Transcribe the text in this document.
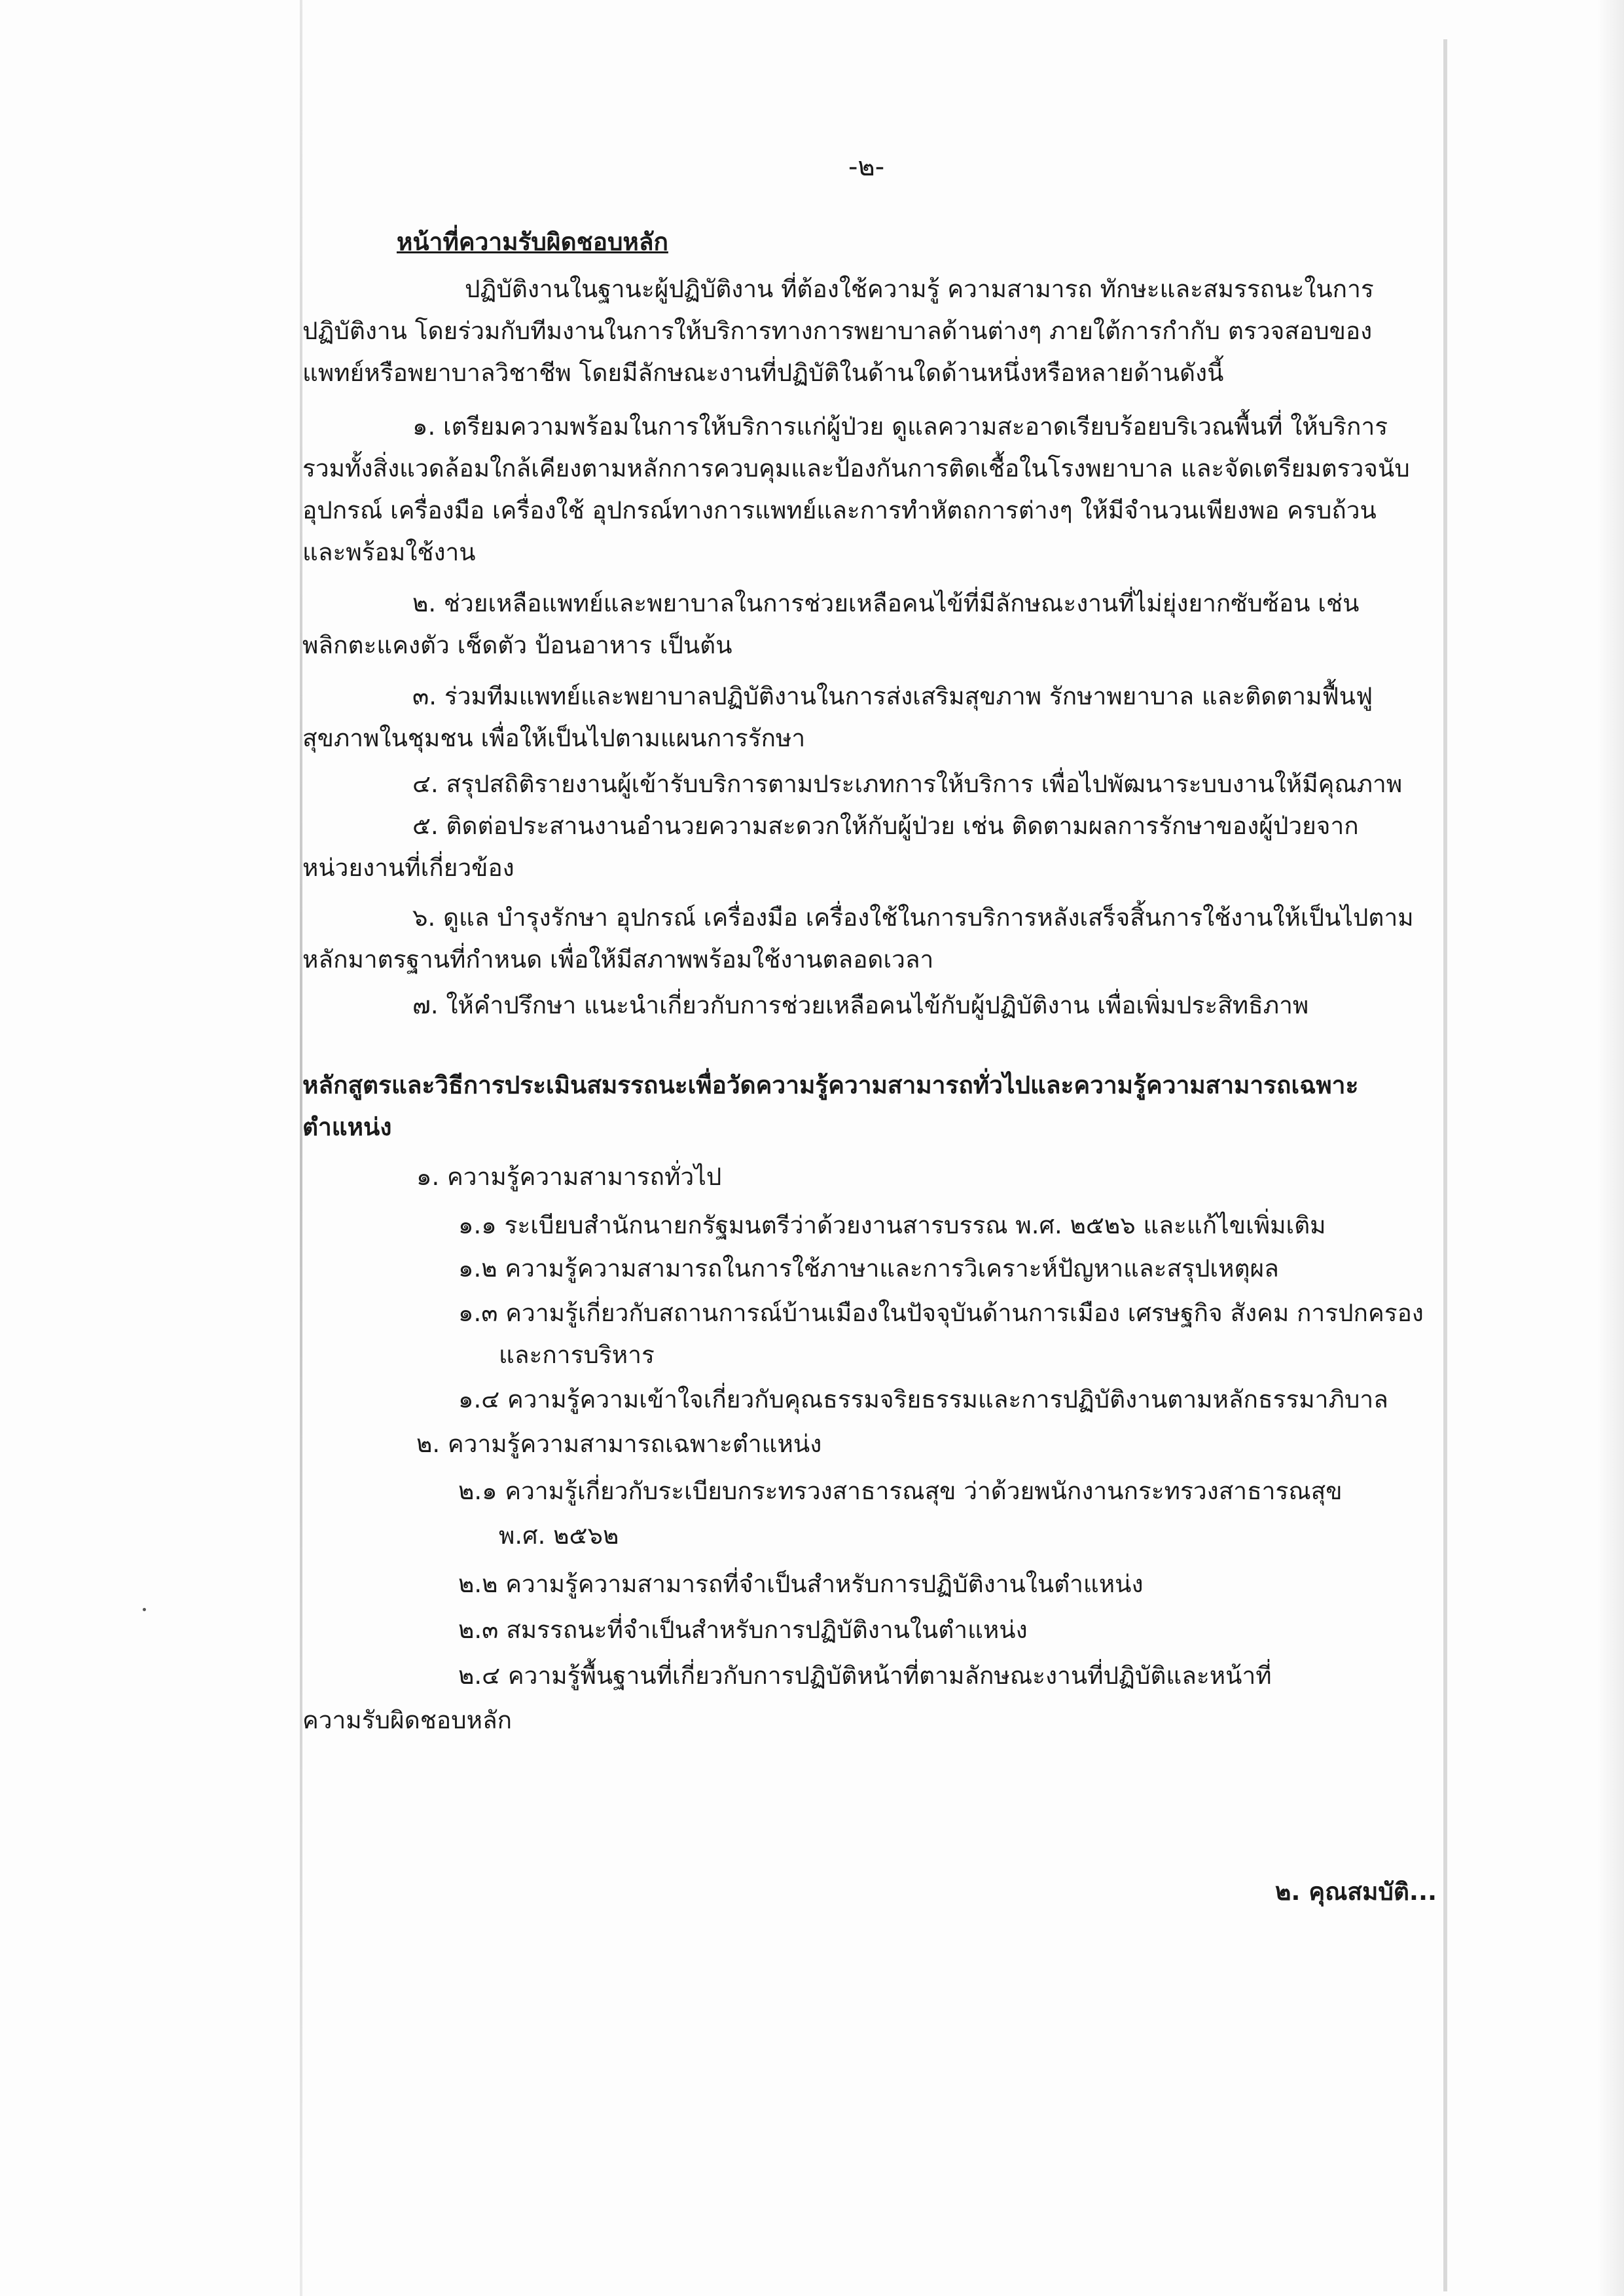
-๒-
หน้าที่ความรับผิดชอบหลัก
ปฏิบัติงานในฐานะผู้ปฏิบัติงาน ที่ต้องใช้ความรู้ ความสามารถ ทักษะและสมรรถนะในการ
ปฏิบัติงาน โดยร่วมกับทีมงานในการให้บริการทางการพยาบาลด้านต่างๆ ภายใต้การกำกับ ตรวจสอบของ
แพทย์หรือพยาบาลวิชาชีพ โดยมีลักษณะงานที่ปฏิบัติในด้านใดด้านหนึ่งหรือหลายด้านดังนี้
๑. เตรียมความพร้อมในการให้บริการแก่ผู้ป่วย ดูแลความสะอาดเรียบร้อยบริเวณพื้นที่ ให้บริการ
รวมทั้งสิ่งแวดล้อมใกล้เคียงตามหลักการควบคุมและป้องกันการติดเชื้อในโรงพยาบาล และจัดเตรียมตรวจนับ
อุปกรณ์ เครื่องมือ เครื่องใช้ อุปกรณ์ทางการแพทย์และการทำหัตถการต่างๆ ให้มีจำนวนเพียงพอ ครบถ้วน
และพร้อมใช้งาน
๒. ช่วยเหลือแพทย์และพยาบาลในการช่วยเหลือคนไข้ที่มีลักษณะงานที่ไม่ยุ่งยากซับซ้อน เช่น
พลิกตะแคงตัว เช็ดตัว ป้อนอาหาร เป็นต้น
๓. ร่วมทีมแพทย์และพยาบาลปฏิบัติงานในการส่งเสริมสุขภาพ รักษาพยาบาล และติดตามฟื้นฟู
สุขภาพในชุมชน เพื่อให้เป็นไปตามแผนการรักษา
๔. สรุปสถิติรายงานผู้เข้ารับบริการตามประเภทการให้บริการ เพื่อไปพัฒนาระบบงานให้มีคุณภาพ
๕. ติดต่อประสานงานอำนวยความสะดวกให้กับผู้ป่วย เช่น ติดตามผลการรักษาของผู้ป่วยจาก
หน่วยงานที่เกี่ยวข้อง
๖. ดูแล บำรุงรักษา อุปกรณ์ เครื่องมือ เครื่องใช้ในการบริการหลังเสร็จสิ้นการใช้งานให้เป็นไปตาม
หลักมาตรฐานที่กำหนด เพื่อให้มีสภาพพร้อมใช้งานตลอดเวลา
๗. ให้คำปรึกษา แนะนำเกี่ยวกับการช่วยเหลือคนไข้กับผู้ปฏิบัติงาน เพื่อเพิ่มประสิทธิภาพ
หลักสูตรและวิธีการประเมินสมรรถนะเพื่อวัดความรู้ความสามารถทั่วไปและความรู้ความสามารถเฉพาะ
ตำแหน่ง
๑. ความรู้ความสามารถทั่วไป
๑.๑ ระเบียบสำนักนายกรัฐมนตรีว่าด้วยงานสารบรรณ พ.ศ. ๒๕๒๖ และแก้ไขเพิ่มเติม
๑.๒ ความรู้ความสามารถในการใช้ภาษาและการวิเคราะห์ปัญหาและสรุปเหตุผล
๑.๓ ความรู้เกี่ยวกับสถานการณ์บ้านเมืองในปัจจุบันด้านการเมือง เศรษฐกิจ สังคม การปกครอง
และการบริหาร
๑.๔ ความรู้ความเข้าใจเกี่ยวกับคุณธรรมจริยธรรมและการปฏิบัติงานตามหลักธรรมาภิบาล
๒. ความรู้ความสามารถเฉพาะตำแหน่ง
๒.๑ ความรู้เกี่ยวกับระเบียบกระทรวงสาธารณสุข ว่าด้วยพนักงานกระทรวงสาธารณสุข
พ.ศ. ๒๕๖๒
๒.๒ ความรู้ความสามารถที่จำเป็นสำหรับการปฏิบัติงานในตำแหน่ง
๒.๓ สมรรถนะที่จำเป็นสำหรับการปฏิบัติงานในตำแหน่ง
๒.๔ ความรู้พื้นฐานที่เกี่ยวกับการปฏิบัติหน้าที่ตามลักษณะงานที่ปฏิบัติและหน้าที่
ความรับผิดชอบหลัก
๒. คุณสมบัติ...
